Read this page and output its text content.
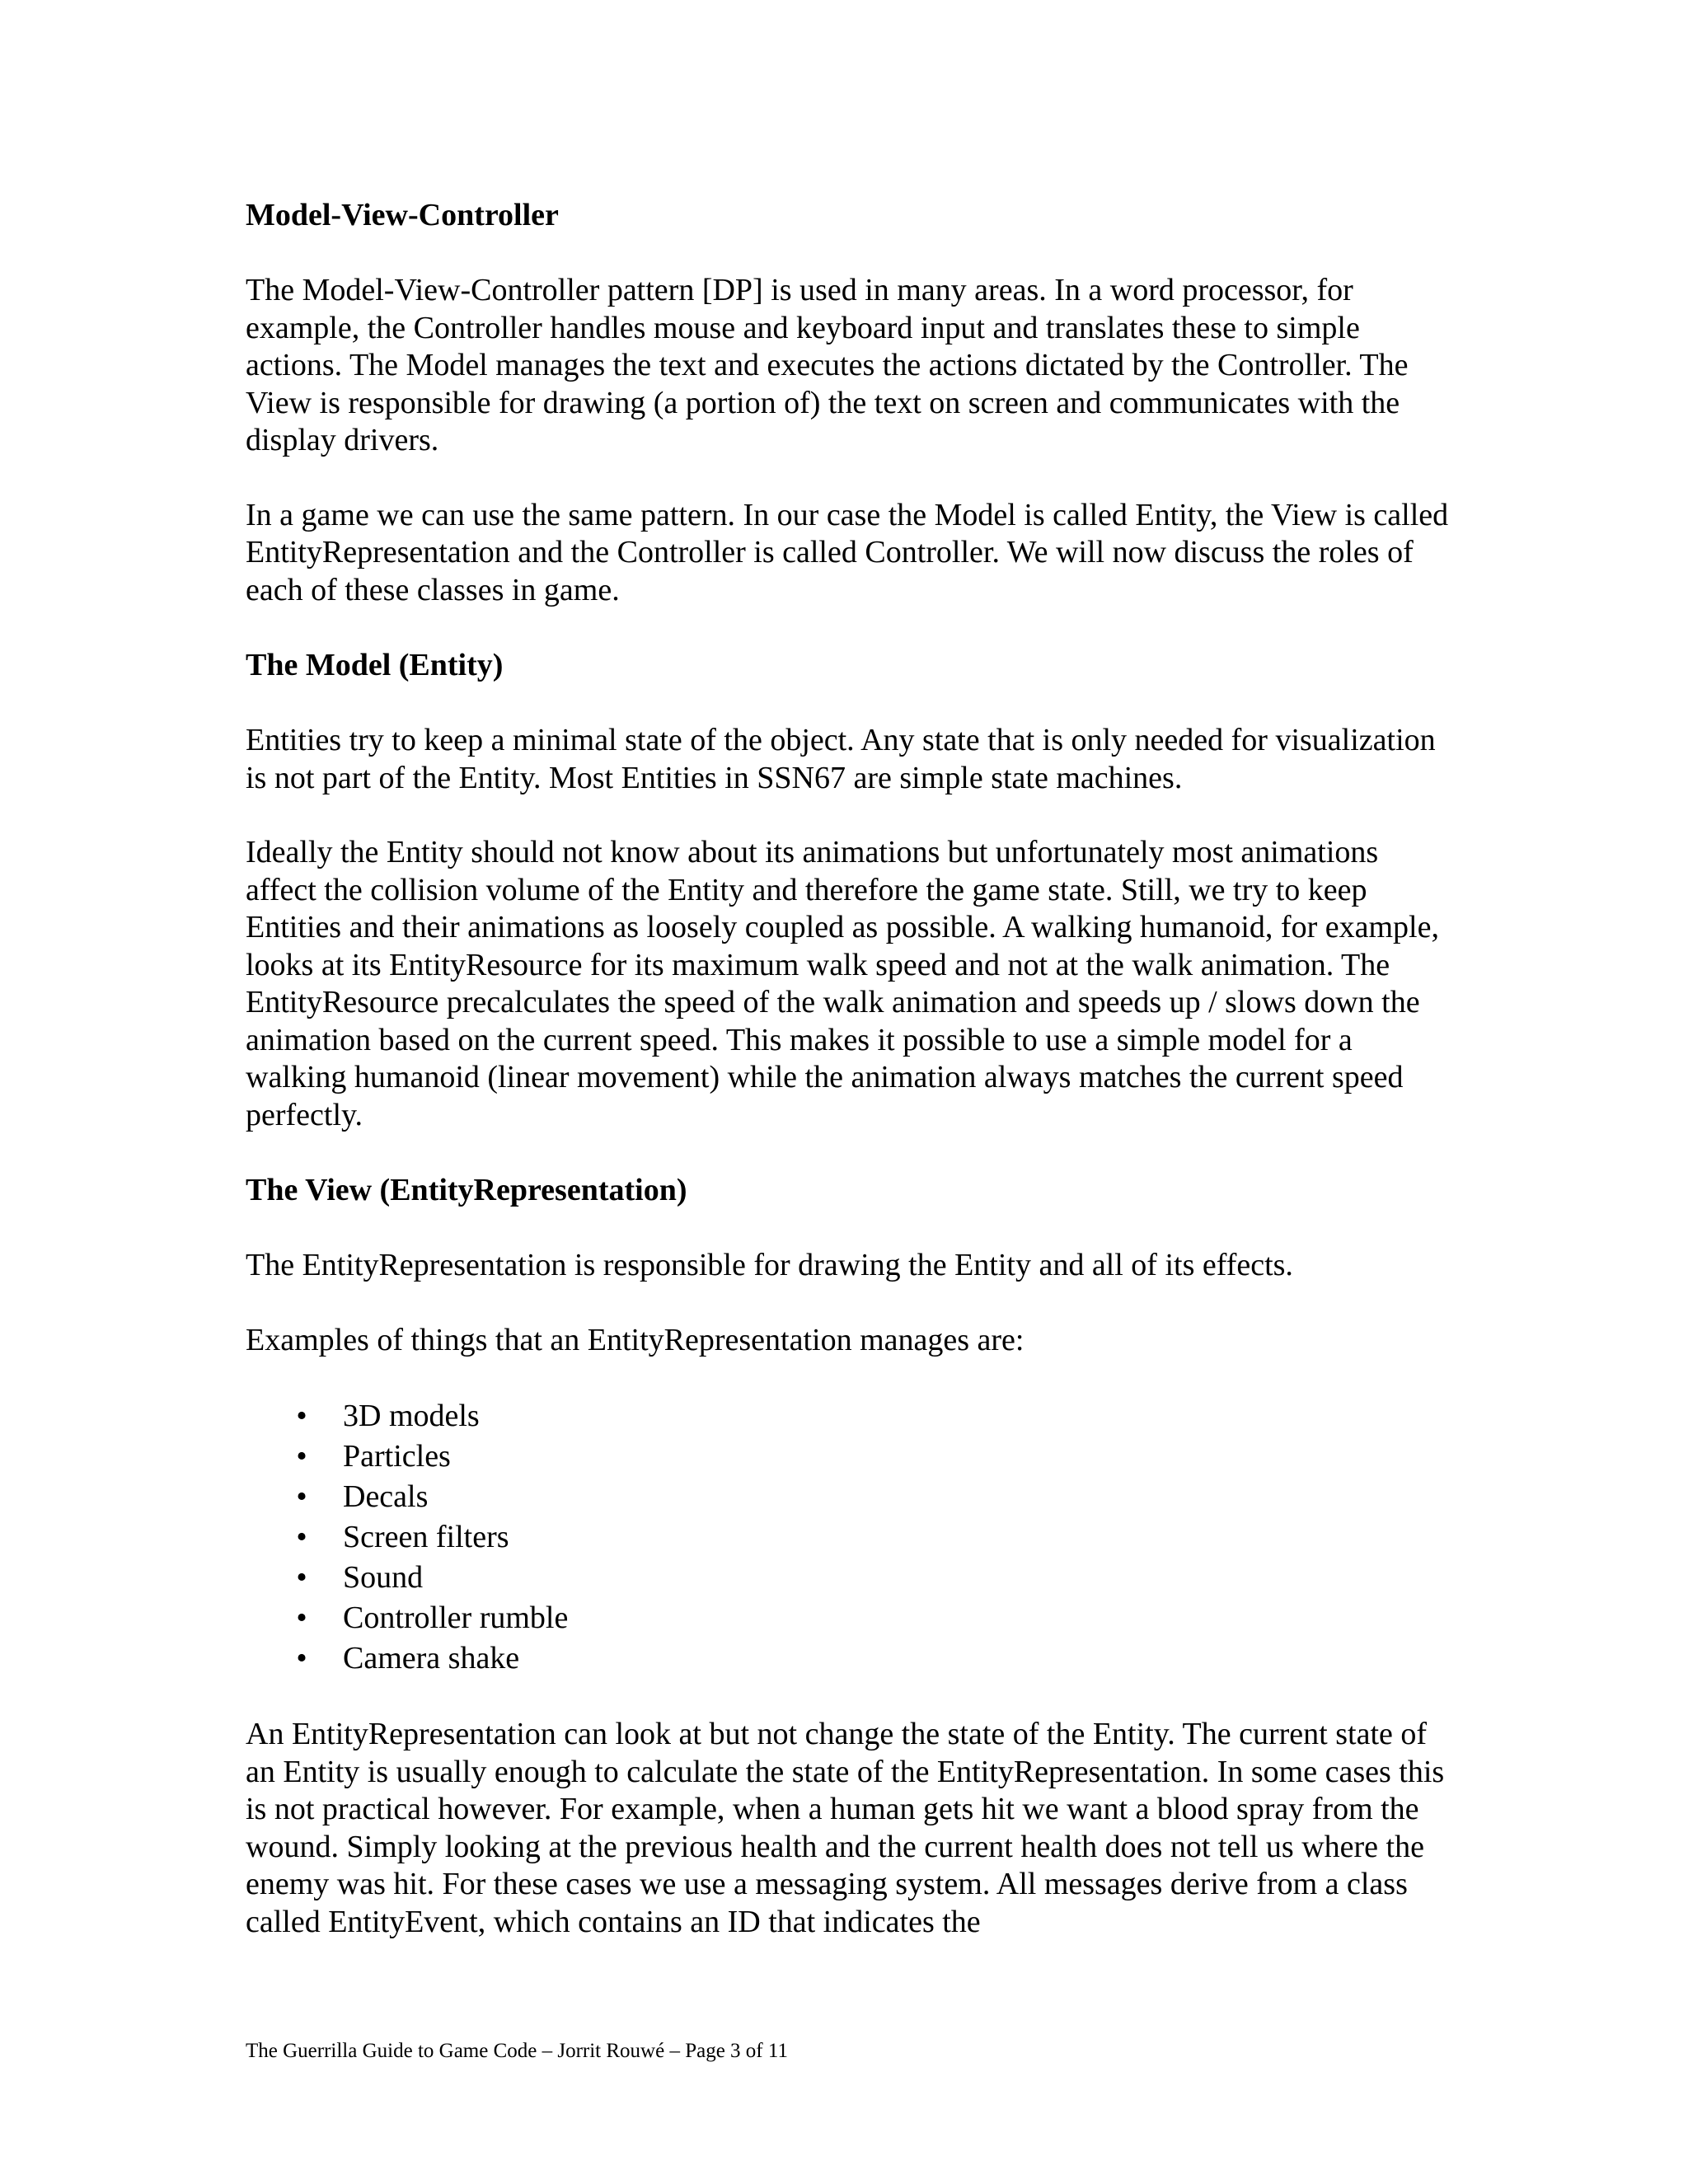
Model-View-Controller

The Model-View-Controller pattern [DP] is used in many areas. In a word processor, for example, the Controller handles mouse and keyboard input and translates these to simple actions. The Model manages the text and executes the actions dictated by the Controller. The View is responsible for drawing (a portion of) the text on screen and communicates with the display drivers.

In a game we can use the same pattern. In our case the Model is called Entity, the View is called EntityRepresentation and the Controller is called Controller. We will now discuss the roles of each of these classes in game.

The Model (Entity)

Entities try to keep a minimal state of the object. Any state that is only needed for visualization is not part of the Entity. Most Entities in SSN67 are simple state machines.

Ideally the Entity should not know about its animations but unfortunately most animations affect the collision volume of the Entity and therefore the game state. Still, we try to keep Entities and their animations as loosely coupled as possible. A walking humanoid, for example, looks at its EntityResource for its maximum walk speed and not at the walk animation. The EntityResource precalculates the speed of the walk animation and speeds up / slows down the animation based on the current speed. This makes it possible to use a simple model for a walking humanoid (linear movement) while the animation always matches the current speed perfectly.

The View (EntityRepresentation)

The EntityRepresentation is responsible for drawing the Entity and all of its effects.

Examples of things that an EntityRepresentation manages are:

• 3D models
• Particles
• Decals
• Screen filters
• Sound
• Controller rumble
• Camera shake

An EntityRepresentation can look at but not change the state of the Entity. The current state of an Entity is usually enough to calculate the state of the EntityRepresentation. In some cases this is not practical however. For example, when a human gets hit we want a blood spray from the wound. Simply looking at the previous health and the current health does not tell us where the enemy was hit. For these cases we use a messaging system. All messages derive from a class called EntityEvent, which contains an ID that indicates the

The Guerrilla Guide to Game Code – Jorrit Rouwé – Page 3 of 11
